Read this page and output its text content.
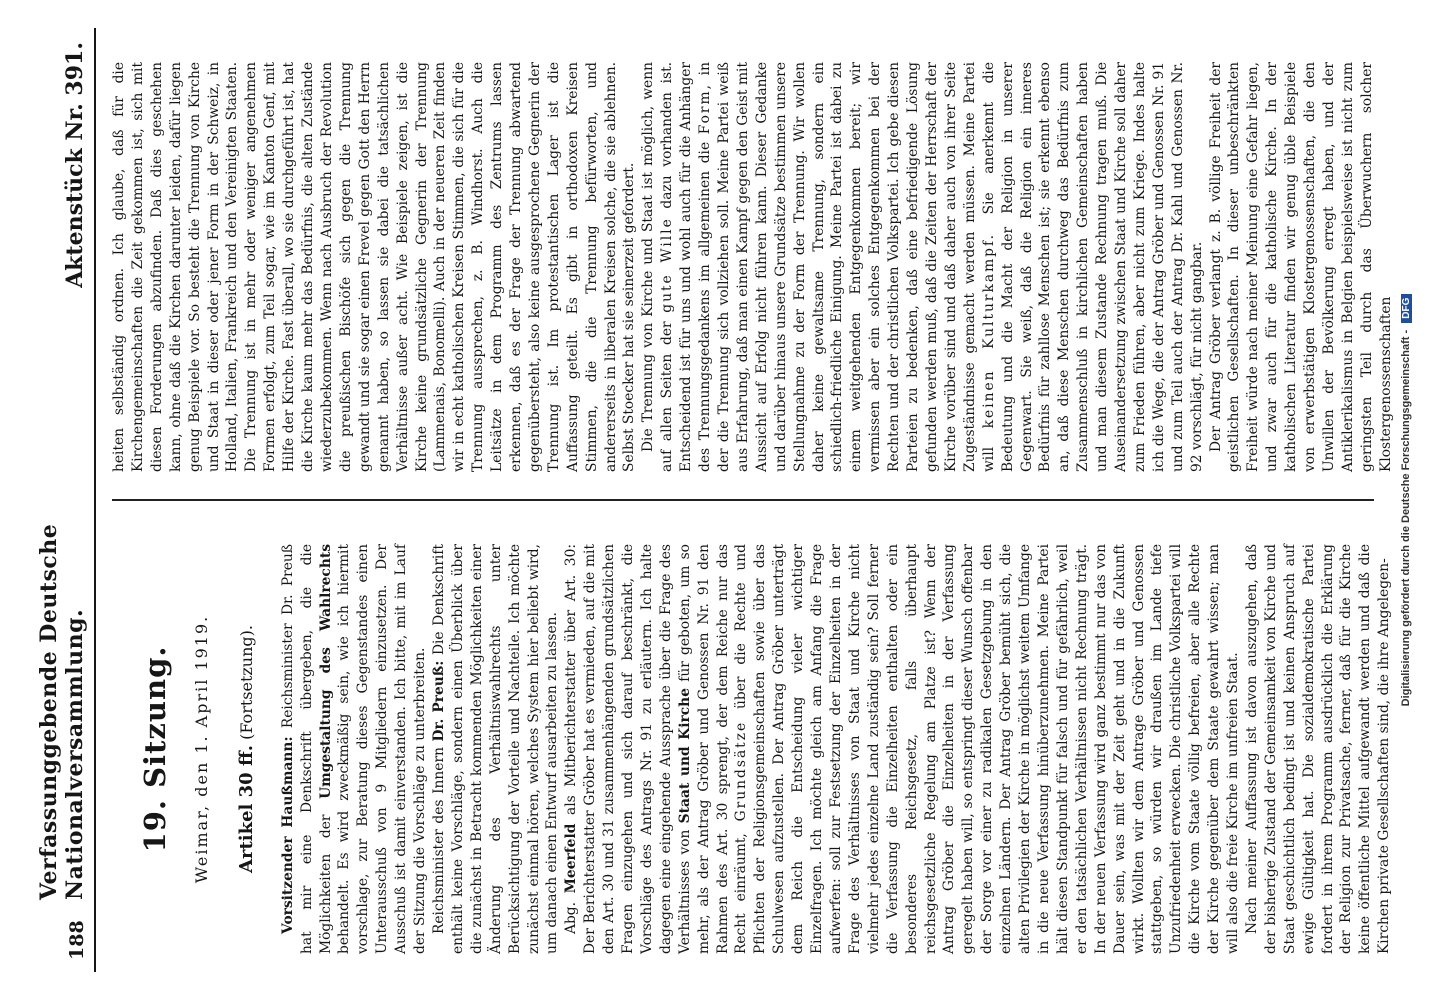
188
Verfassunggebende Deutsche Nationalversammlung.
Aktenstück Nr. 391.
19. Sitzung. Weimar, den 1. April 1919. Artikel 30 ff. (Fortsetzung).

Vorsitzender Haußmann: Reichsminister Dr. Preuß hat mir eine Denkschrift übergeben, die die Möglichkeiten der Umgestaltung des Wahlrechts behandelt. Es wird zweckmäßig sein, wie ich hiermit vorschlage, zur Beratung dieses Gegenstandes einen Unterausschuß von 9 Mitgliedern einzusetzen. Der Ausschuß ist damit einverstanden. Ich bitte, mit im Lauf der Sitzung die Vorschläge zu unterbreiten. Reichsminister des Innern Dr. Preuß: Die Denkschrift enthält keine Vorschläge, sondern einen Überblick über die zunächst in Betracht kommenden Möglichkeiten einer Änderung des Verhältniswahlrechts unter Berücksichtigung der Vorteile und Nachteile. Ich möchte zunächst einmal hören, welches System hier beliebt wird, um danach einen Entwurf ausarbeiten zu lassen. Abg. Meerfeld als Mitberichterstatter über Art. 30: Der Berichterstatter Gröber hat es vermieden, auf die mit den Art. 30 und 31 zusammenhängenden grundsätzlichen Fragen einzugehen und sich darauf beschränkt, die Vorschläge des Antrags Nr. 91 zu erläutern. Ich halte dagegen eine eingehende Aussprache über die Frage des Verhältnisses von Staat und Kirche für geboten, um so mehr, als der Antrag Gröber und Genossen Nr. 91 den Rahmen des Art. 30 sprengt, der dem Reiche nur das Recht einräumt, Grundsätze über die Rechte und Pflichten der Religionsgemeinschaften sowie über das Schulwesen aufzustellen. Der Antrag Gröber unterträgt dem Reich die Entscheidung vieler wichtiger Einzelfragen. Ich möchte gleich am Anfang die Frage aufwerfen: soll zur Festsetzung der Einzelheiten in der Frage des Verhältnisses von Staat und Kirche nicht vielmehr jedes einzelne Land zuständig sein? Soll ferner die Verfassung die Einzelheiten enthalten oder ein besonderes Reichsgesetz, falls überhaupt reichsgesetzliche Regelung am Platze ist? Wenn der Antrag Gröber die Einzelheiten in der Verfassung geregelt haben will, so entspringt dieser Wunsch offenbar der Sorge vor einer zu radikalen Gesetzgebung in den einzelnen Ländern. Der Antrag Gröber bemüht sich, die alten Privilegien der Kirche in möglichst weitem Umfange in die neue Verfassung hinüberzunehmen. Meine Partei hält diesen Standpunkt für falsch und für gefährlich, weil er den tatsächlichen Verhältnissen nicht Rechnung trägt. In der neuen Verfassung wird ganz bestimmt nur das von Dauer sein, was mit der Zeit geht und in die Zukunft wirkt. Wollten wir dem Antrage Gröber und Genossen stattgeben, so würden wir draußen im Lande tiefe Unzufriedenheit erwecken. Die christliche Volkspartei will die Kirche vom Staate völlig befreien, aber alle Rechte der Kirche gegenüber dem Staate gewahrt wissen; man will also die freie Kirche im unfreien Staat. Nach meiner Auffassung ist davon auszugehen, daß der bisherige Zustand der Gemeinsamkeit von Kirche und Staat geschichtlich bedingt ist und keinen Anspruch auf ewige Gültigkeit hat. Die sozialdemokratische Partei fordert in ihrem Programm ausdrücklich die Erklärung der Religion zur Privatsache, ferner, daß für die Kirche keine öffentliche Mittel aufgewandt werden und daß die Kirchen private Gesellschaften sind, die ihre Angelegen-

heiten selbständig ordnen. Ich glaube, daß für die Kirchengemeinschaften die Zeit gekommen ist, sich mit diesen Forderungen abzufinden. Daß dies geschehen kann, ohne daß die Kirchen darunter leiden, dafür liegen genug Beispiele vor. So besteht die Trennung von Kirche und Staat in dieser oder jener Form in der Schweiz, in Holland, Italien, Frankreich und den Vereinigten Staaten. Die Trennung ist in mehr oder weniger angenehmen Formen erfolgt, zum Teil sogar, wie im Kanton Genf, mit Hilfe der Kirche. Fast überall, wo sie durchgeführt ist, hat die Kirche kaum mehr das Bedürfnis, die alten Zustände wiederzubekommen. Wenn nach Ausbruch der Revolution die preußischen Bischöfe sich gegen die Trennung gewandt und sie sogar einen Frevel gegen Gott den Herrn genannt haben, so lassen sie dabei die tatsächlichen Verhältnisse außer acht. Wie Beispiele zeigen, ist die Kirche keine grundsätzliche Gegnerin der Trennung (Lammenais, Bonomelli). Auch in der neueren Zeit finden wir in echt katholischen Kreisen Stimmen, die sich für die Trennung aussprechen, z. B. Windhorst. Auch die Leitsätze in dem Programm des Zentrums lassen erkennen, daß es der Frage der Trennung abwartend gegenübersteht, also keine ausgesprochene Gegnerin der Trennung ist. Im protestantischen Lager ist die Auffassung geteilt. Es gibt in orthodoxen Kreisen Stimmen, die die Trennung befürworten, und andererseits in liberalen Kreisen solche, die sie ablehnen. Selbst Stoecker hat sie seinerzeit gefordert. Die Trennung von Kirche und Staat ist möglich, wenn auf allen Seiten der gute Wille dazu vorhanden ist. Entscheidend ist für uns und wohl auch für die Anhänger des Trennungsgedankens im allgemeinen die Form, in der die Trennung sich vollziehen soll. Meine Partei weiß aus Erfahrung, daß man einen Kampf gegen den Geist mit Aussicht auf Erfolg nicht führen kann. Dieser Gedanke und darüber hinaus unsere Grundsätze bestimmen unsere Stellungnahme zu der Form der Trennung. Wir wollen daher keine gewaltsame Trennung, sondern ein schiedlich-friedliche Einigung. Meine Partei ist dabei zu einem weitgehenden Entgegenkommen bereit; wir vermissen aber ein solches Entgegenkommen bei der Rechten und der christlichen Volkspartei. Ich gebe diesen Parteien zu bedenken, daß eine befriedigende Lösung gefunden werden muß, daß die Zeiten der Herrschaft der Kirche vorüber sind und daß daher auch von ihrer Seite Zugeständnisse gemacht werden müssen. Meine Partei will keinen Kulturkampf. Sie anerkennt die Bedeutung und die Macht der Religion in unserer Gegenwart. Sie weiß, daß die Religion ein inneres Bedürfnis für zahllose Menschen ist; sie erkennt ebenso an, daß diese Menschen durchweg das Bedürfnis zum Zusammenschluß in kirchlichen Gemeinschaften haben und man diesem Zustande Rechnung tragen muß. Die Auseinandersetzung zwischen Staat und Kirche soll daher zum Frieden führen, aber nicht zum Kriege. Indes halte ich die Wege, die der Antrag Gröber und Genossen Nr. 91 und zum Teil auch der Antrag Dr. Kahl und Genossen Nr. 92 vorschlägt, für nicht gangbar. Der Antrag Gröber verlangt z. B. völlige Freiheit der geistlichen Gesellschaften. In dieser unbeschränkten Freiheit würde nach meiner Meinung eine Gefahr liegen, und zwar auch für die katholische Kirche. In der katholischen Literatur finden wir genug üble Beispiele von erwerbstätigen Klostergenossenschaften, die den Unwillen der Bevölkerung erregt haben, und der Antiklerikalismus in Belgien beispielsweise ist nicht zum geringsten Teil durch das Überwuchern solcher Klostergenossenschaften Digitalisierung gefördert durch die Deutsche Forschungsgemeinschaft - DFG
